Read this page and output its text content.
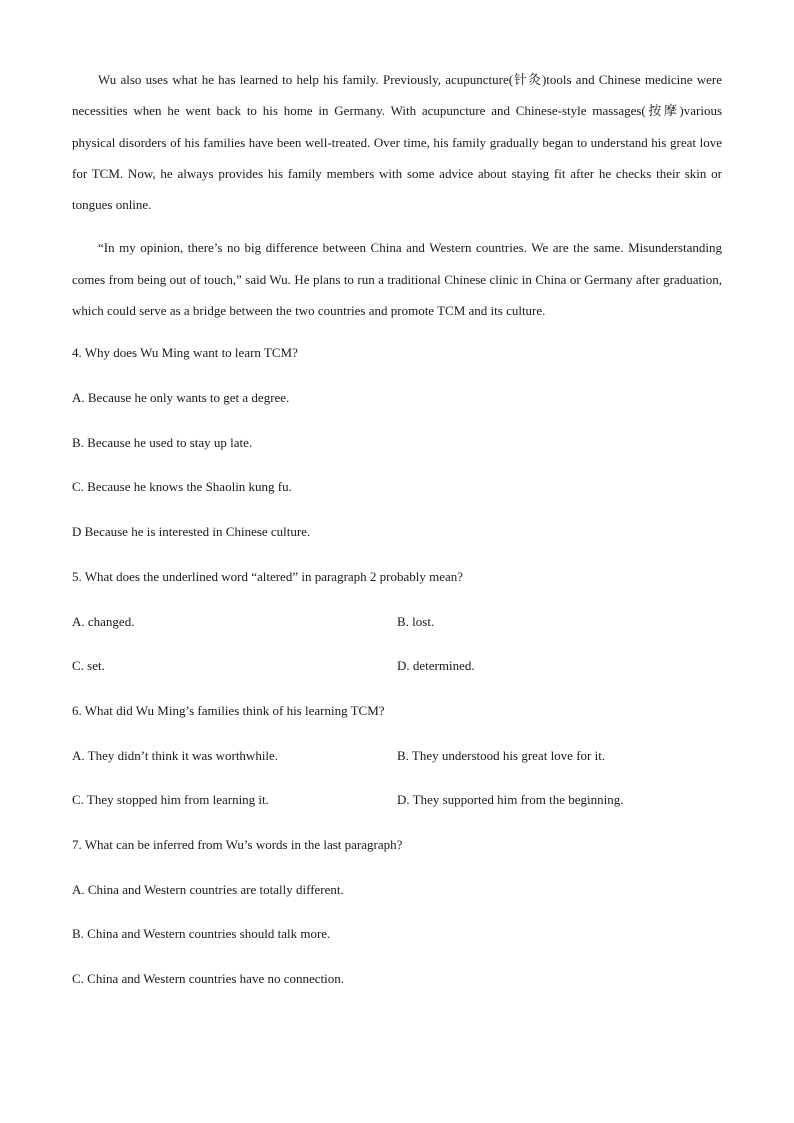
Wu also uses what he has learned to help his family. Previously, acupuncture(针灸)tools and Chinese medicine were necessities when he went back to his home in Germany. With acupuncture and Chinese-style massages(按摩)various physical disorders of his families have been well-treated. Over time, his family gradually began to understand his great love for TCM. Now, he always provides his family members with some advice about staying fit after he checks their skin or tongues online.

“In my opinion, there’s no big difference between China and Western countries. We are the same. Misunderstanding comes from being out of touch,” said Wu. He plans to run a traditional Chinese clinic in China or Germany after graduation, which could serve as a bridge between the two countries and promote TCM and its culture.

4. Why does Wu Ming want to learn TCM?
A. Because he only wants to get a degree.
B. Because he used to stay up late.
C. Because he knows the Shaolin kung fu.
D Because he is interested in Chinese culture.
5. What does the underlined word “altered” in paragraph 2 probably mean?
A. changed.	B. lost.
C. set.	D. determined.
6. What did Wu Ming’s families think of his learning TCM?
A. They didn’t think it was worthwhile.	B. They understood his great love for it.
C. They stopped him from learning it.	D. They supported him from the beginning.
7. What can be inferred from Wu’s words in the last paragraph?
A. China and Western countries are totally different.
B. China and Western countries should talk more.
C. China and Western countries have no connection.
